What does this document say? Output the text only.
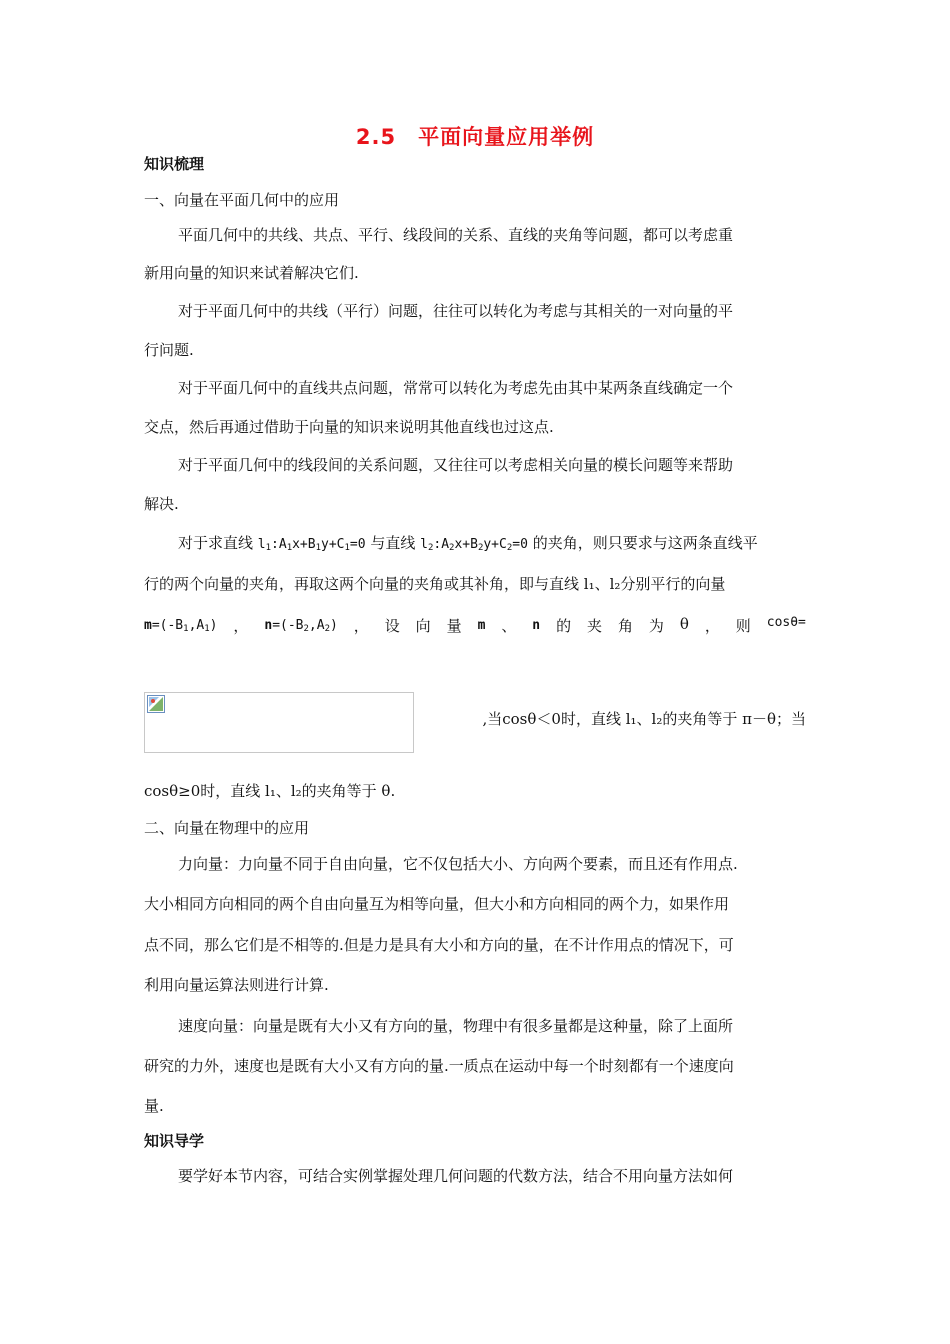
2.5　平面向量应用举例
知识梳理
一、向量在平面几何中的应用
平面几何中的共线、共点、平行、线段间的关系、直线的夹角等问题，都可以考虑重
新用向量的知识来试着解决它们.
对于平面几何中的共线（平行）问题，往往可以转化为考虑与其相关的一对向量的平
行问题.
对于平面几何中的直线共点问题，常常可以转化为考虑先由其中某两条直线确定一个
交点，然后再通过借助于向量的知识来说明其他直线也过这点.
对于平面几何中的线段间的关系问题，又往往可以考虑相关向量的模长问题等来帮助
解决.
对于求直线 $l_1:A_1x+B_1y+C_1=0$ 与直线 $l_2:A_2x+B_2y+C_2=0$ 的夹角，则只要求与这两条直线平
行的两个向量的夹角，再取这两个向量的夹角或其补角，即与直线 l₁、l₂分别平行的向量
$m=(-B_1,A_1)$ ， $n=(-B_2,A_2)$ ， 设 向 量 m 、 n 的 夹 角 为 θ ， 则 cosθ=
,当cosθ＜0时，直线 l₁、l₂的夹角等于 π－θ；当
cosθ≥0时，直线 l₁、l₂的夹角等于 θ.
二、向量在物理中的应用
力向量：力向量不同于自由向量，它不仅包括大小、方向两个要素，而且还有作用点.
大小相同方向相同的两个自由向量互为相等向量，但大小和方向相同的两个力，如果作用
点不同，那么它们是不相等的.但是力是具有大小和方向的量，在不计作用点的情况下，可
利用向量运算法则进行计算.
速度向量：向量是既有大小又有方向的量，物理中有很多量都是这种量，除了上面所
研究的力外，速度也是既有大小又有方向的量.一质点在运动中每一个时刻都有一个速度向
量.
知识导学
要学好本节内容，可结合实例掌握处理几何问题的代数方法，结合不用向量方法如何
